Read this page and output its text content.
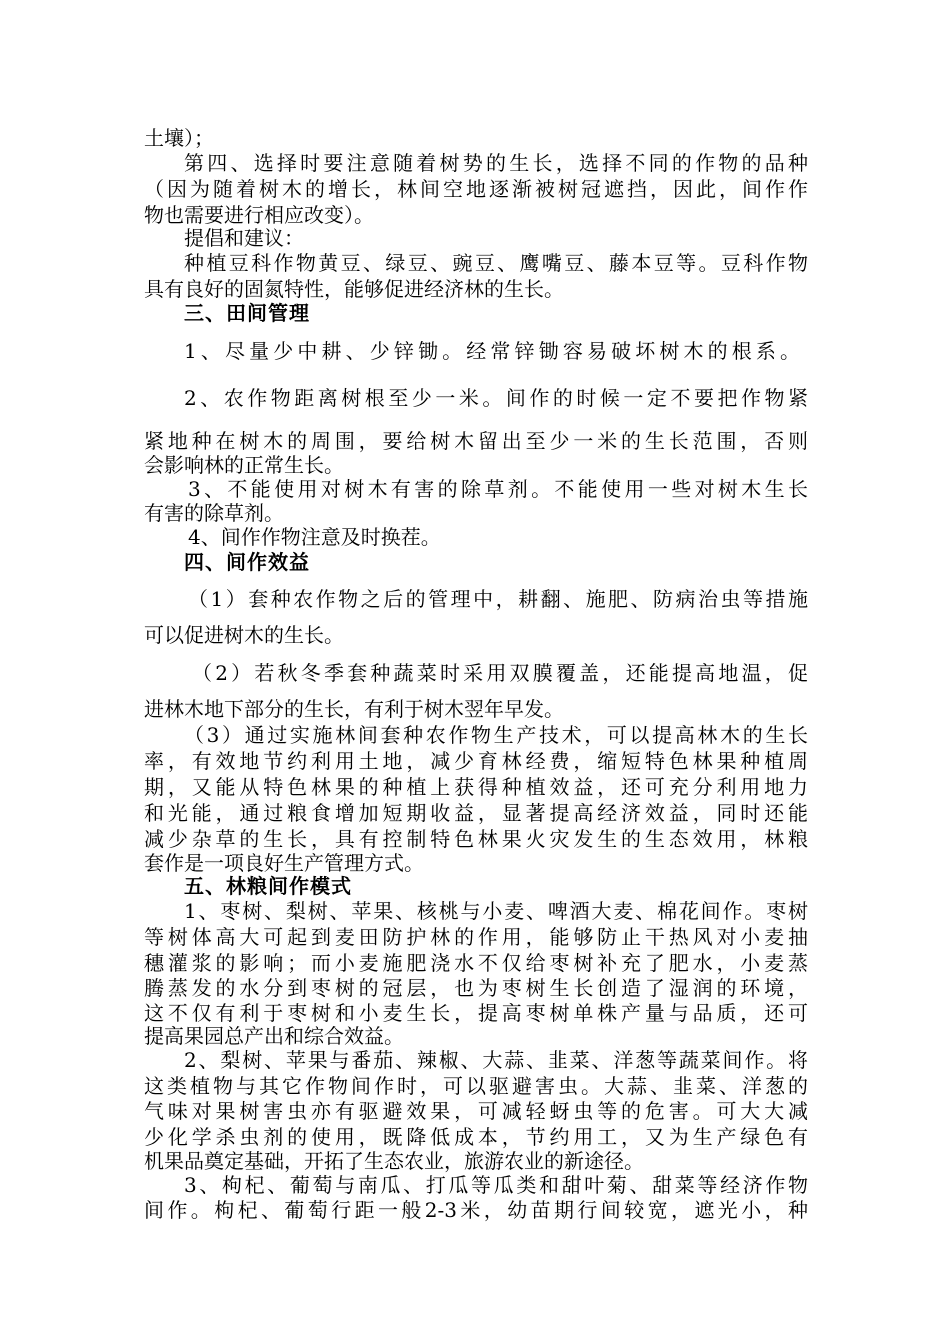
土壤）；
第四、选择时要注意随着树势的生长，选择不同的作物的品种
（因为随着树木的增长，林间空地逐渐被树冠遮挡，因此，间作作
物也需要进行相应改变）。
提倡和建议：
种植豆科作物黄豆、绿豆、豌豆、鹰嘴豆、藤本豆等。豆科作物
具有良好的固氮特性，能够促进经济林的生长。
三、田间管理
1、尽量少中耕、少锌锄。经常锌锄容易破坏树木的根系。
2、农作物距离树根至少一米。间作的时候一定不要把作物紧
紧地种在树木的周围，要给树木留出至少一米的生长范围，否则
会影响林的正常生长。
3、不能使用对树木有害的除草剂。不能使用一些对树木生长
有害的除草剂。
4、间作作物注意及时换茬。
四、间作效益
（1）套种农作物之后的管理中，耕翻、施肥、防病治虫等措施
可以促进树木的生长。
（2）若秋冬季套种蔬菜时采用双膜覆盖，还能提高地温，促
进林木地下部分的生长，有利于树木翌年早发。
（3）通过实施林间套种农作物生产技术，可以提高林木的生长
率，有效地节约利用土地，减少育林经费，缩短特色林果种植周
期，又能从特色林果的种植上获得种植效益，还可充分利用地力
和光能，通过粮食增加短期收益，显著提高经济效益，同时还能
减少杂草的生长，具有控制特色林果火灾发生的生态效用，林粮
套作是一项良好生产管理方式。
五、林粮间作模式
1、枣树、梨树、苹果、核桃与小麦、啤酒大麦、棉花间作。枣树
等树体高大可起到麦田防护林的作用，能够防止干热风对小麦抽
穗灌浆的影响；而小麦施肥浇水不仅给枣树补充了肥水，小麦蒸
腾蒸发的水分到枣树的冠层，也为枣树生长创造了湿润的环境，
这不仅有利于枣树和小麦生长，提高枣树单株产量与品质，还可
提高果园总产出和综合效益。
2、梨树、苹果与番茄、辣椒、大蒜、韭菜、洋葱等蔬菜间作。将
这类植物与其它作物间作时，可以驱避害虫。大蒜、韭菜、洋葱的
气味对果树害虫亦有驱避效果，可减轻蚜虫等的危害。可大大减
少化学杀虫剂的使用，既降低成本，节约用工，又为生产绿色有
机果品奠定基础，开拓了生态农业，旅游农业的新途径。
3、枸杞、葡萄与南瓜、打瓜等瓜类和甜叶菊、甜菜等经济作物
间作。枸杞、葡萄行距一般2-3米，幼苗期行间较宽，遮光小，种
